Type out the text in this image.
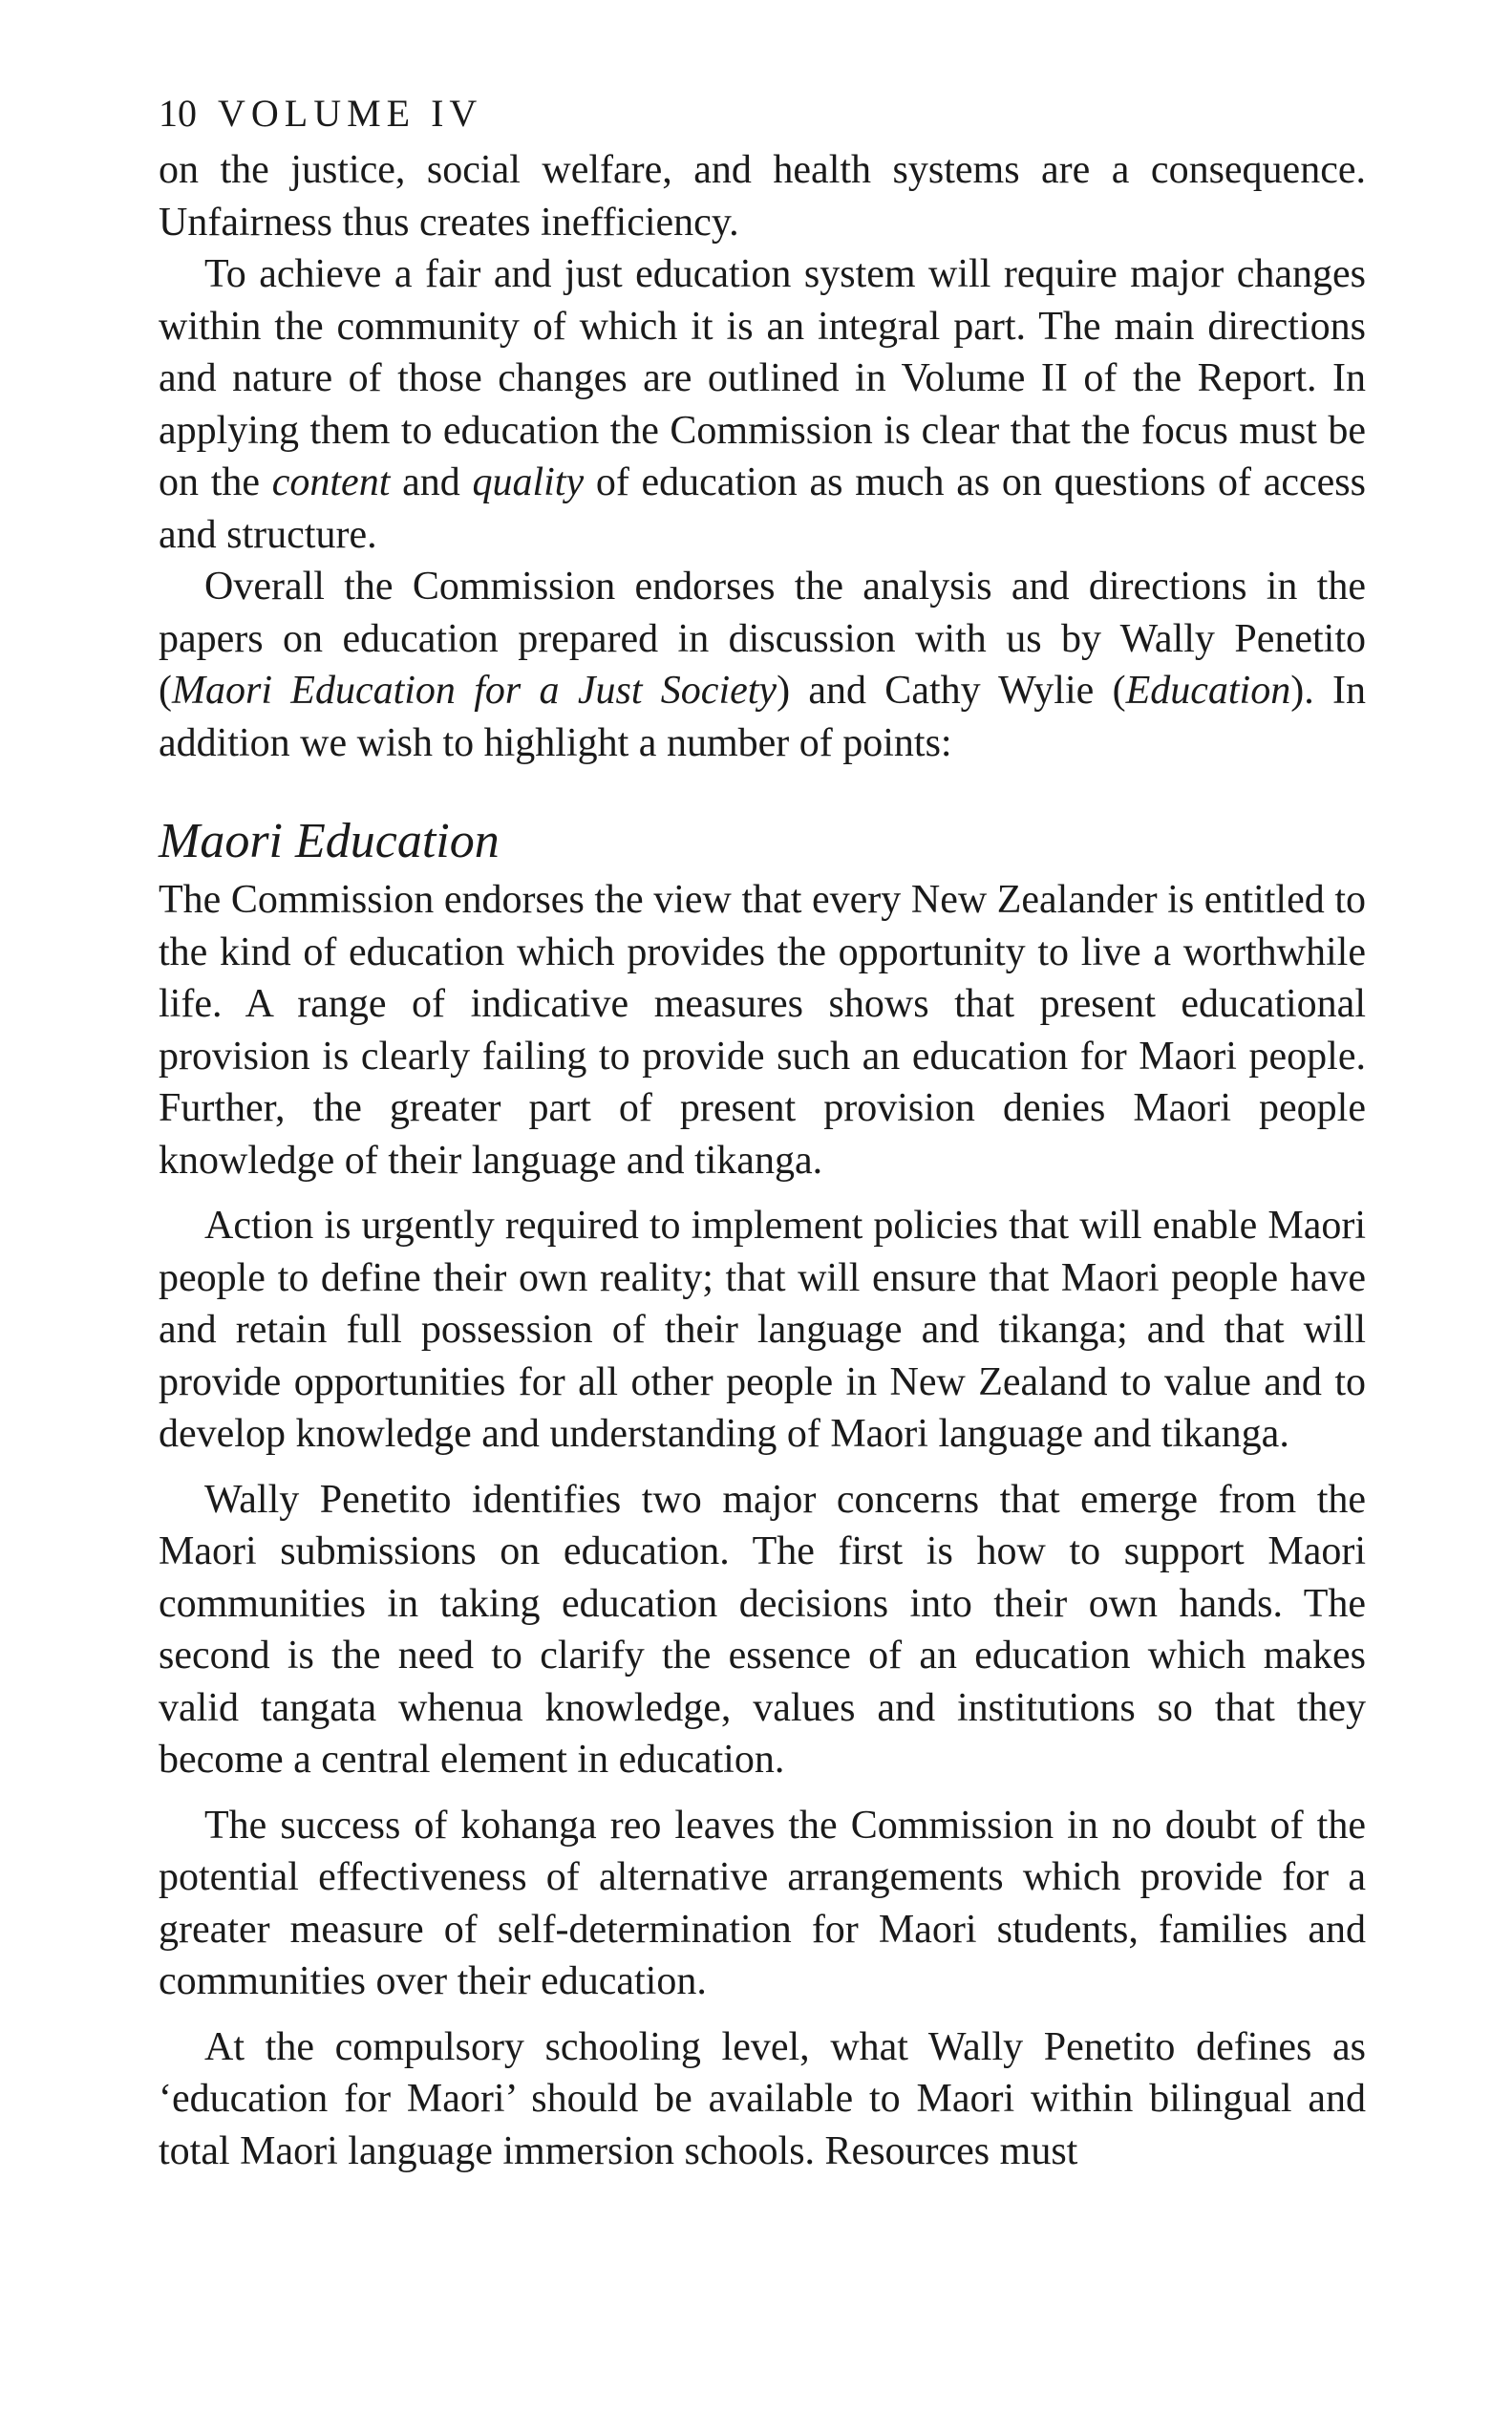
10 VOLUME IV

on the justice, social welfare, and health systems are a consequence. Unfairness thus creates inefficiency.

To achieve a fair and just education system will require major changes within the community of which it is an integral part. The main directions and nature of those changes are outlined in Volume II of the Report. In applying them to education the Commission is clear that the focus must be on the content and quality of education as much as on questions of access and structure.

Overall the Commission endorses the analysis and directions in the papers on education prepared in discussion with us by Wally Penetito (Maori Education for a Just Society) and Cathy Wylie (Education). In addition we wish to highlight a number of points:

Maori Education

The Commission endorses the view that every New Zealander is entitled to the kind of education which provides the opportunity to live a worthwhile life. A range of indicative measures shows that present educational provision is clearly failing to provide such an education for Maori people. Further, the greater part of present provision denies Maori people knowledge of their language and tikanga.

Action is urgently required to implement policies that will enable Maori people to define their own reality; that will ensure that Maori people have and retain full possession of their language and tikanga; and that will provide opportunities for all other people in New Zealand to value and to develop knowledge and understanding of Maori language and tikanga.

Wally Penetito identifies two major concerns that emerge from the Maori submissions on education. The first is how to support Maori communities in taking education decisions into their own hands. The second is the need to clarify the essence of an education which makes valid tangata whenua knowledge, values and institutions so that they become a central element in education.

The success of kohanga reo leaves the Commission in no doubt of the potential effectiveness of alternative arrangements which provide for a greater measure of self-determination for Maori students, families and communities over their education.

At the compulsory schooling level, what Wally Penetito defines as ‘education for Maori’ should be available to Maori within bilingual and total Maori language immersion schools. Resources must
